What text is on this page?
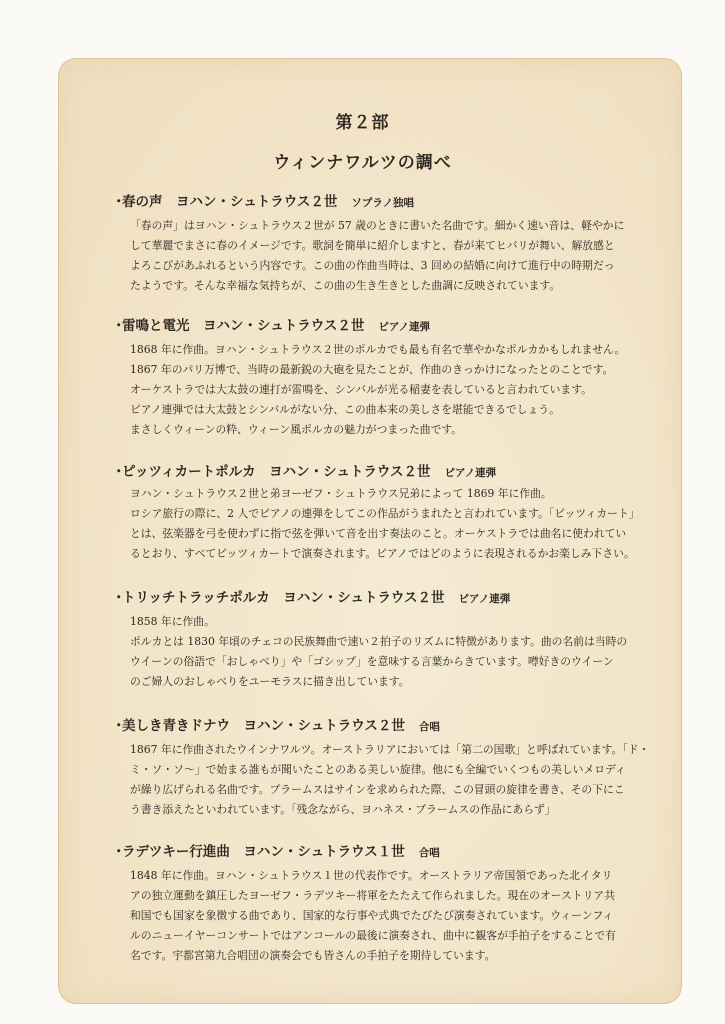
第２部
ウィンナワルツの調べ
・春の声　 ヨハン・シュトラウス２世 ソプラノ独唱
「春の声」はヨハン・シュトラウス２世が 57 歳のときに書いた名曲です。細かく速い音は、軽やかに
して華麗でまさに春のイメージです。歌詞を簡単に紹介しますと、春が来てヒバリが舞い、解放感と
よろこびがあふれるという内容です。この曲の作曲当時は、3 回めの結婚に向けて進行中の時期だっ
たようです。そんな幸福な気持ちが、この曲の生き生きとした曲調に反映されています。
・雷鳴と電光　 ヨハン・シュトラウス２世 ピアノ連弾
1868 年に作曲。ヨハン・シュトラウス２世のポルカでも最も有名で華やかなポルカかもしれません。
1867 年のパリ万博で、当時の最新鋭の大砲を見たことが、作曲のきっかけになったとのことです。
オーケストラでは大太鼓の連打が雷鳴を、シンバルが光る稲妻を表していると言われています。
ピアノ連弾では大太鼓とシンバルがない分、この曲本来の美しさを堪能できるでしょう。
まさしくウィーンの粋、ウィーン風ポルカの魅力がつまった曲です。
・ピッツィカートポルカ　 ヨハン・シュトラウス２世 ピアノ連弾
ヨハン・シュトラウス２世と弟ヨーゼフ・シュトラウス兄弟によって 1869 年に作曲。
ロシア旅行の際に、2 人でピアノの連弾をしてこの作品がうまれたと言われています。「ピッツィカート」
とは、弦楽器を弓を使わずに指で弦を弾いて音を出す奏法のこと。オーケストラでは曲名に使われてい
るとおり、すべてピッツィカートで演奏されます。ピアノではどのように表現されるかお楽しみ下さい。
・トリッチトラッチポルカ　 ヨハン・シュトラウス２世 ピアノ連弾
1858 年に作曲。
ポルカとは 1830 年頃のチェコの民族舞曲で速い２拍子のリズムに特徴があります。曲の名前は当時の
ウイーンの俗語で「おしゃべり」や「ゴシップ」を意味する言葉からきています。噂好きのウイーン
のご婦人のおしゃべりをユーモラスに描き出しています。
・美しき青きドナウ　 ヨハン・シュトラウス２世 合唱
1867 年に作曲されたウインナワルツ。オーストラリアにおいては「第二の国歌」と呼ばれています。「ド・
ミ・ソ・ソ〜」で始まる誰もが聞いたことのある美しい旋律。他にも全編でいくつもの美しいメロディ
が繰り広げられる名曲です。ブラームスはサインを求められた際、この冒頭の旋律を書き、その下にこ
う書き添えたといわれています。「残念ながら、ヨハネス・ブラームスの作品にあらず」
・ラデツキー行進曲　 ヨハン・シュトラウス１世 合唱
1848 年に作曲。ヨハン・シュトラウス１世の代表作です。オーストラリア帝国領であった北イタリ
アの独立運動を鎮圧したヨーゼフ・ラデツキー将軍をたたえて作られました。現在のオーストリア共
和国でも国家を象徴する曲であり、国家的な行事や式典でたびたび演奏されています。ウィーンフィ
ルのニューイヤーコンサートではアンコールの最後に演奏され、曲中に観客が手拍子をすることで有
名です。宇都宮第九合唱団の演奏会でも皆さんの手拍子を期待しています。
